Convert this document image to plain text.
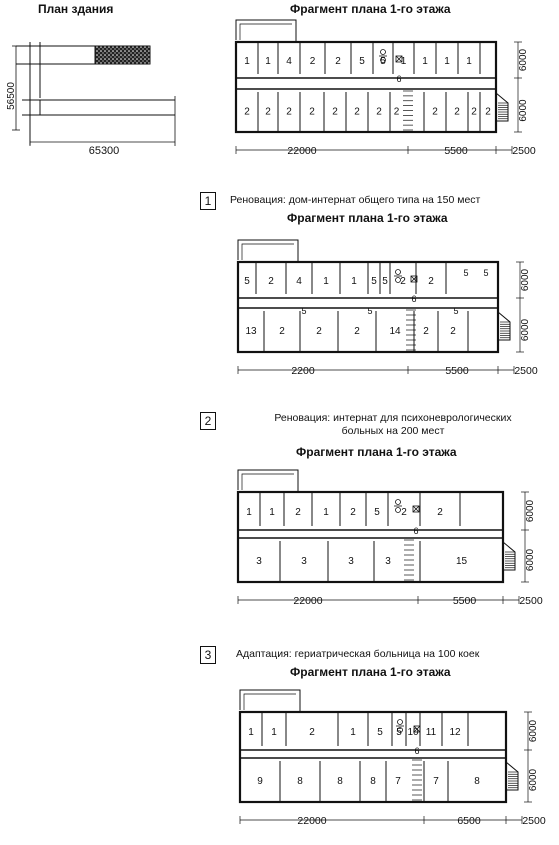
План здания
56500
65300
Фрагмент плана 1-го этажа
1 1 4 2 2 5 5 1 1 1 1
2 2 2 2 2 2 2 2	2 2 2 2
6
22000	5500	2500
6000
6000
1	Реновация: дом-интернат общего типа на 150 мест
Фрагмент плана 1-го этажа
5 2 4 1 1 5 5 2 2
13 2	2	2	14 2 2
5 5
5	5	5
6
2200	5500	2500
6000
6000
2	Реновация: интернат для психоневрологических
больных на 200 мест
Фрагмент плана 1-го этажа
1 1 2 1 2 5 2	2
3	3	3	3	15
6
22000	5500	2500
6000
6000
3	Адаптация: гериатрическая больница на 100 коек
Фрагмент плана 1-го этажа
1 1	2	1 5 5 10 11 12
9	8	8	8 7	7	8
6
22000	6500	2500
6000
6000
